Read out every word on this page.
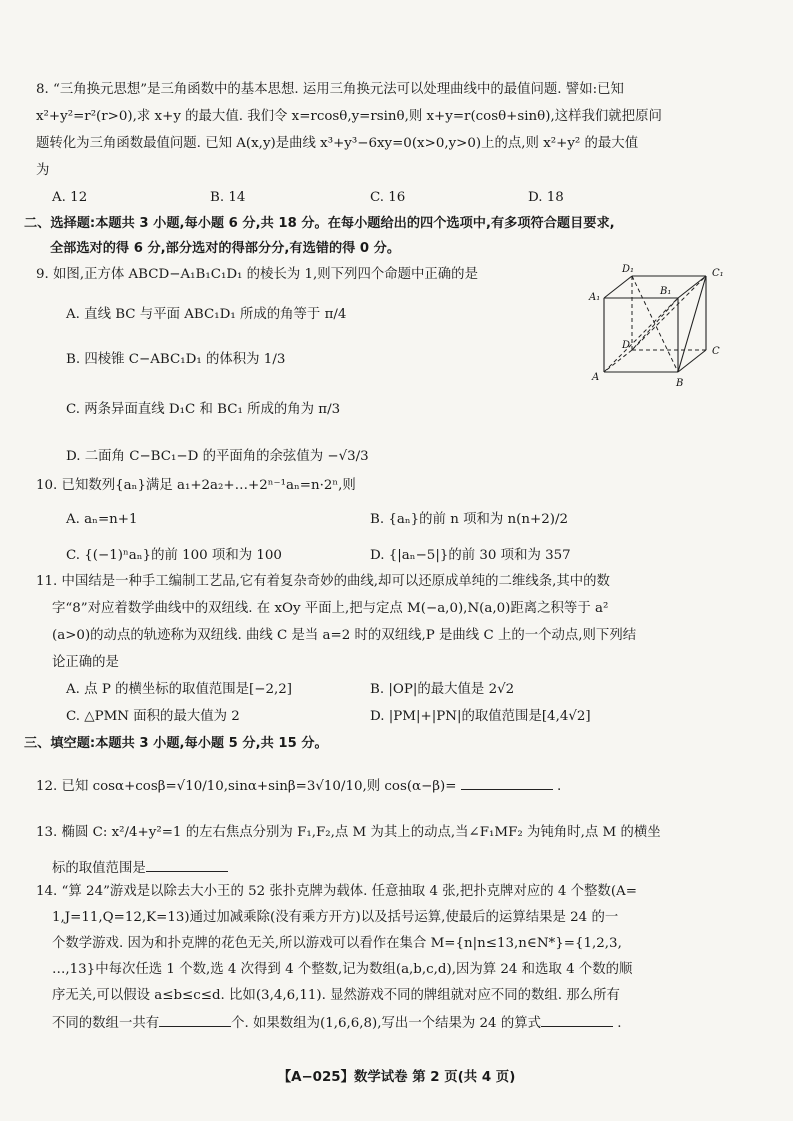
8. “三角换元思想”是三角函数中的基本思想. 运用三角换元法可以处理曲线中的最值问题. 譬如:已知
x²+y²=r²(r>0),求 x+y 的最大值. 我们令 x=rcosθ,y=rsinθ,则 x+y=r(cosθ+sinθ),这样我们就把原问
题转化为三角函数最值问题. 已知 A(x,y)是曲线 x³+y³−6xy=0(x>0,y>0)上的点,则 x²+y² 的最大值
为
A. 12	B. 14	C. 16	D. 18
二、选择题:本题共 3 小题,每小题 6 分,共 18 分。在每小题给出的四个选项中,有多项符合题目要求,
全部选对的得 6 分,部分选对的得部分分,有选错的得 0 分。
9. 如图,正方体 ABCD−A₁B₁C₁D₁ 的棱长为 1,则下列四个命题中正确的是
A. 直线 BC 与平面 ABC₁D₁ 所成的角等于 π/4
B. 四棱锥 C−ABC₁D₁ 的体积为 1/3
C. 两条异面直线 D₁C 和 BC₁ 所成的角为 π/3
D. 二面角 C−BC₁−D 的平面角的余弦值为 −√3/3
D₁	C₁
A₁
B₁
D
C
A
B
10. 已知数列{aₙ}满足 a₁+2a₂+…+2ⁿ⁻¹aₙ=n·2ⁿ,则
A. aₙ=n+1	B. {aₙ}的前 n 项和为 n(n+2)/2
C. {(−1)ⁿaₙ}的前 100 项和为 100	D. {|aₙ−5|}的前 30 项和为 357
11. 中国结是一种手工编制工艺品,它有着复杂奇妙的曲线,却可以还原成单纯的二维线条,其中的数
字“8”对应着数学曲线中的双纽线. 在 xOy 平面上,把与定点 M(−a,0),N(a,0)距离之积等于 a²
(a>0)的动点的轨迹称为双纽线. 曲线 C 是当 a=2 时的双纽线,P 是曲线 C 上的一个动点,则下列结
论正确的是
A. 点 P 的横坐标的取值范围是[−2,2]	B. |OP|的最大值是 2√2
C. △PMN 面积的最大值为 2	D. |PM|+|PN|的取值范围是[4,4√2]
三、填空题:本题共 3 小题,每小题 5 分,共 15 分。
12. 已知 cosα+cosβ=√10/10,sinα+sinβ=3√10/10,则 cos(α−β)=	.
13. 椭圆 C: x²/4+y²=1 的左右焦点分别为 F₁,F₂,点 M 为其上的动点,当∠F₁MF₂ 为钝角时,点 M 的横坐
标的取值范围是
14. “算 24”游戏是以除去大小王的 52 张扑克牌为载体. 任意抽取 4 张,把扑克牌对应的 4 个整数(A=
1,J=11,Q=12,K=13)通过加减乘除(没有乘方开方)以及括号运算,使最后的运算结果是 24 的一
个数学游戏. 因为和扑克牌的花色无关,所以游戏可以看作在集合 M={n|n≤13,n∈N*}={1,2,3,
…,13}中每次任选 1 个数,选 4 次得到 4 个整数,记为数组(a,b,c,d),因为算 24 和选取 4 个数的顺
序无关,可以假设 a≤b≤c≤d. 比如(3,4,6,11). 显然游戏不同的牌组就对应不同的数组. 那么所有
不同的数组一共有	个. 如果数组为(1,6,6,8),写出一个结果为 24 的算式	.
【A−025】数学试卷 第 2 页(共 4 页)
